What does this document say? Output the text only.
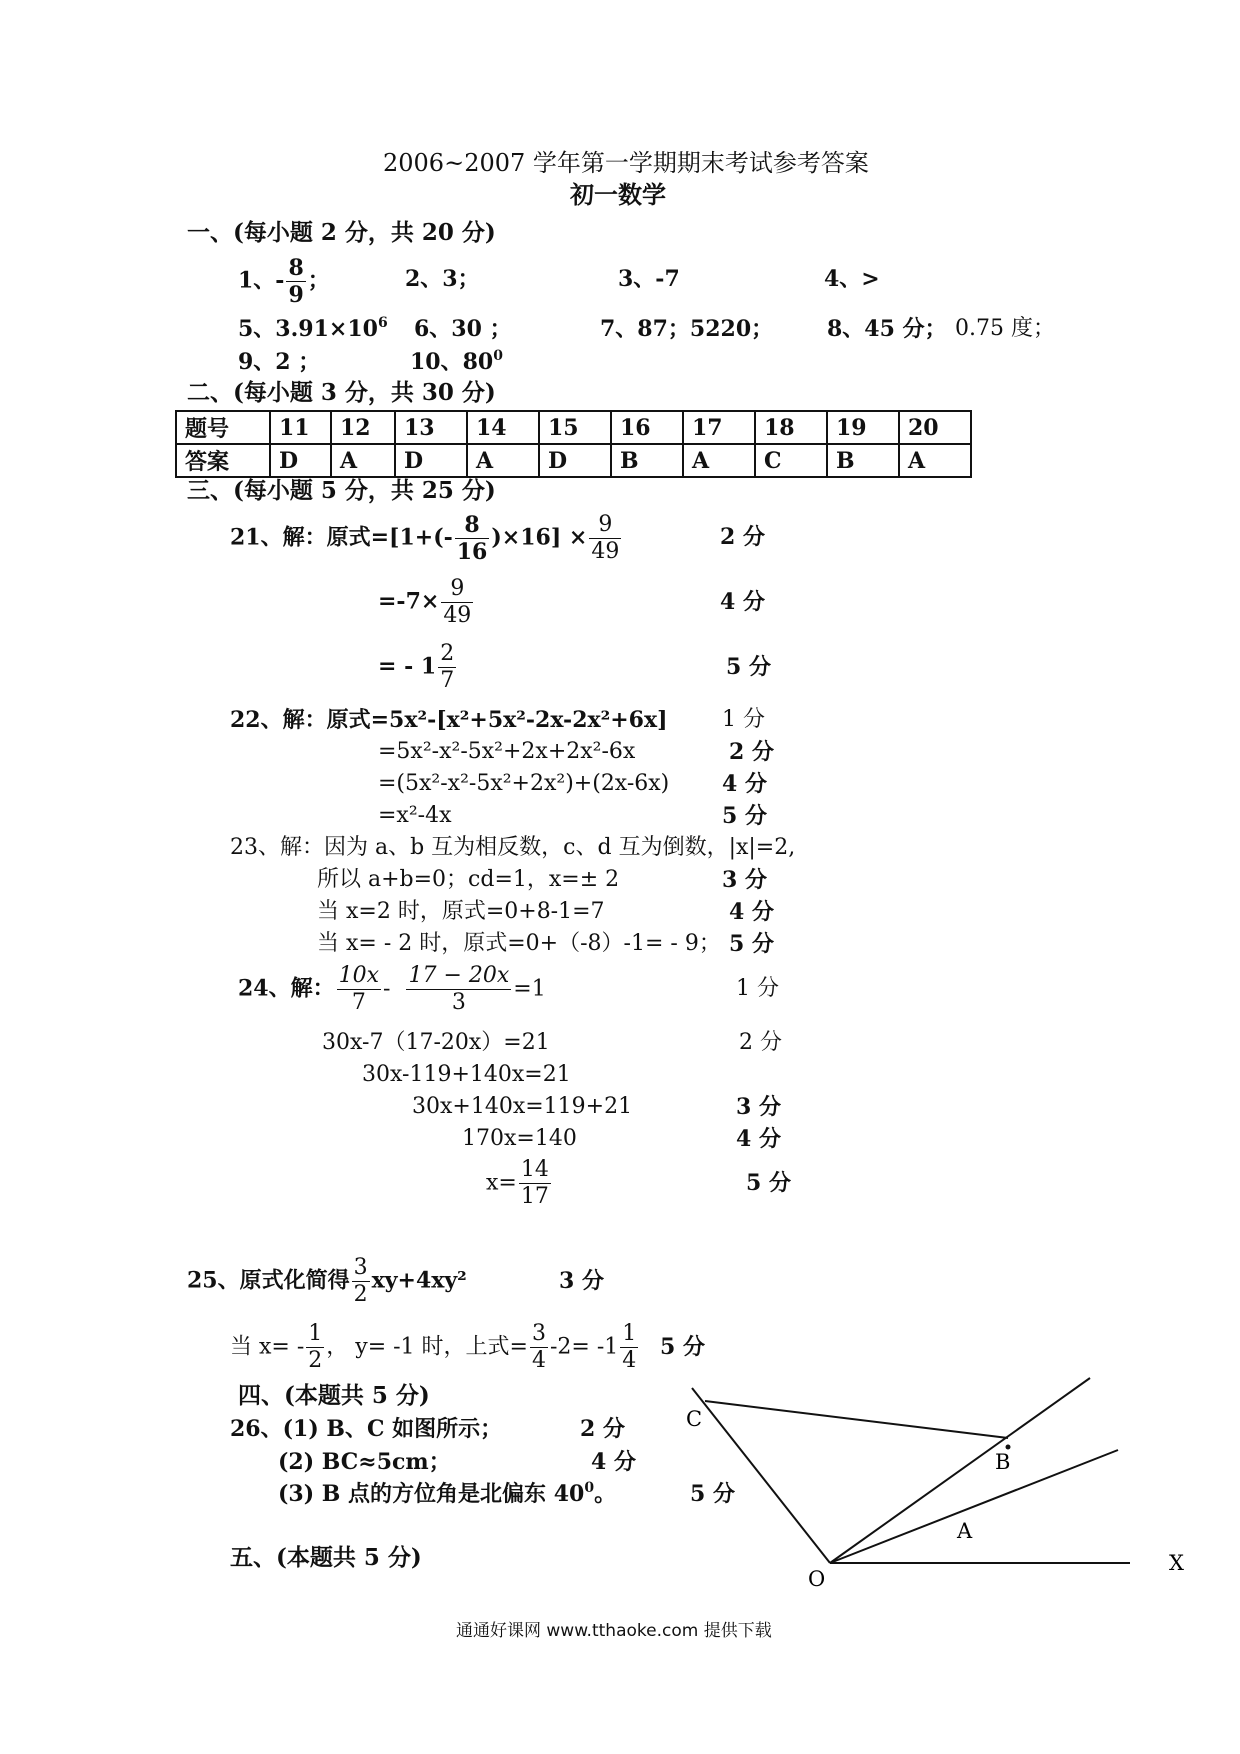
2006~2007 学年第一学期期末考试参考答案
初一数学
一、(每小题 2 分，共 20 分)
1、- $\frac{8}{9}$ ；	2、3；	3、-7	4、>
5、$3.91\times 10^6$ 6、30 ；	7、87；5220； 8、45 分； 0.75 度；
9、2 ；	10、$80^0$
二、(每小题 3 分，共 30 分)
题号	11	12	13	14	15	16	17	18	19	20
答案	D	A	D	A	D	B	A	C	B	A
三、(每小题 5 分，共 25 分)
21、解：原式$=[1+(- \frac{8}{16} )\times 16] \times \frac{9}{49}$	2 分
$=-7\times \frac{9}{49}$	4 分
= - $1 \frac{2}{7}$	5 分
22、解：原式=5x²-[x²+5x²-2x-2x²+6x] 1 分
=5x²-x²-5x²+2x+2x²-6x	2 分
=(5x²-x²-5x²+2x²)+(2x-6x) 4 分
=x²-4x	5 分
23、解：因为 a、b 互为相反数，c、d 互为倒数，|x|=2,
所以 a+b=0；cd=1，x=± 2	3 分
当 x=2 时，原式=0+8-1=7	4 分
当 x= - 2 时，原式=0+（-8）-1= - 9； 5 分
24、解： $\frac{10x}{7} - \frac{17 - 20x}{3} =1$	1 分
30x-7（17-20x）=21	2 分
30x-119+140x=21
30x+140x=119+21	3 分
170x=140	4 分
$x= \frac{14}{17}$	5 分
25、原式化简得 $\frac{3}{2} xy+4xy^2$	3 分
当 $x= - \frac{1}{2}$ ， y= -1 时，上式= $\frac{3}{4} -2= -1 \frac{1}{4} 5$ 分
四、(本题共 5 分)
26、(1) B、C 如图所示；	2 分
(2) BC≈5cm；	4 分
(3) B 点的方位角是北偏东 $40^0$。	5 分
五、(本题共 5 分)
C
B
A
O
X
通通好课网 www.tthaoke.com 提供下载
